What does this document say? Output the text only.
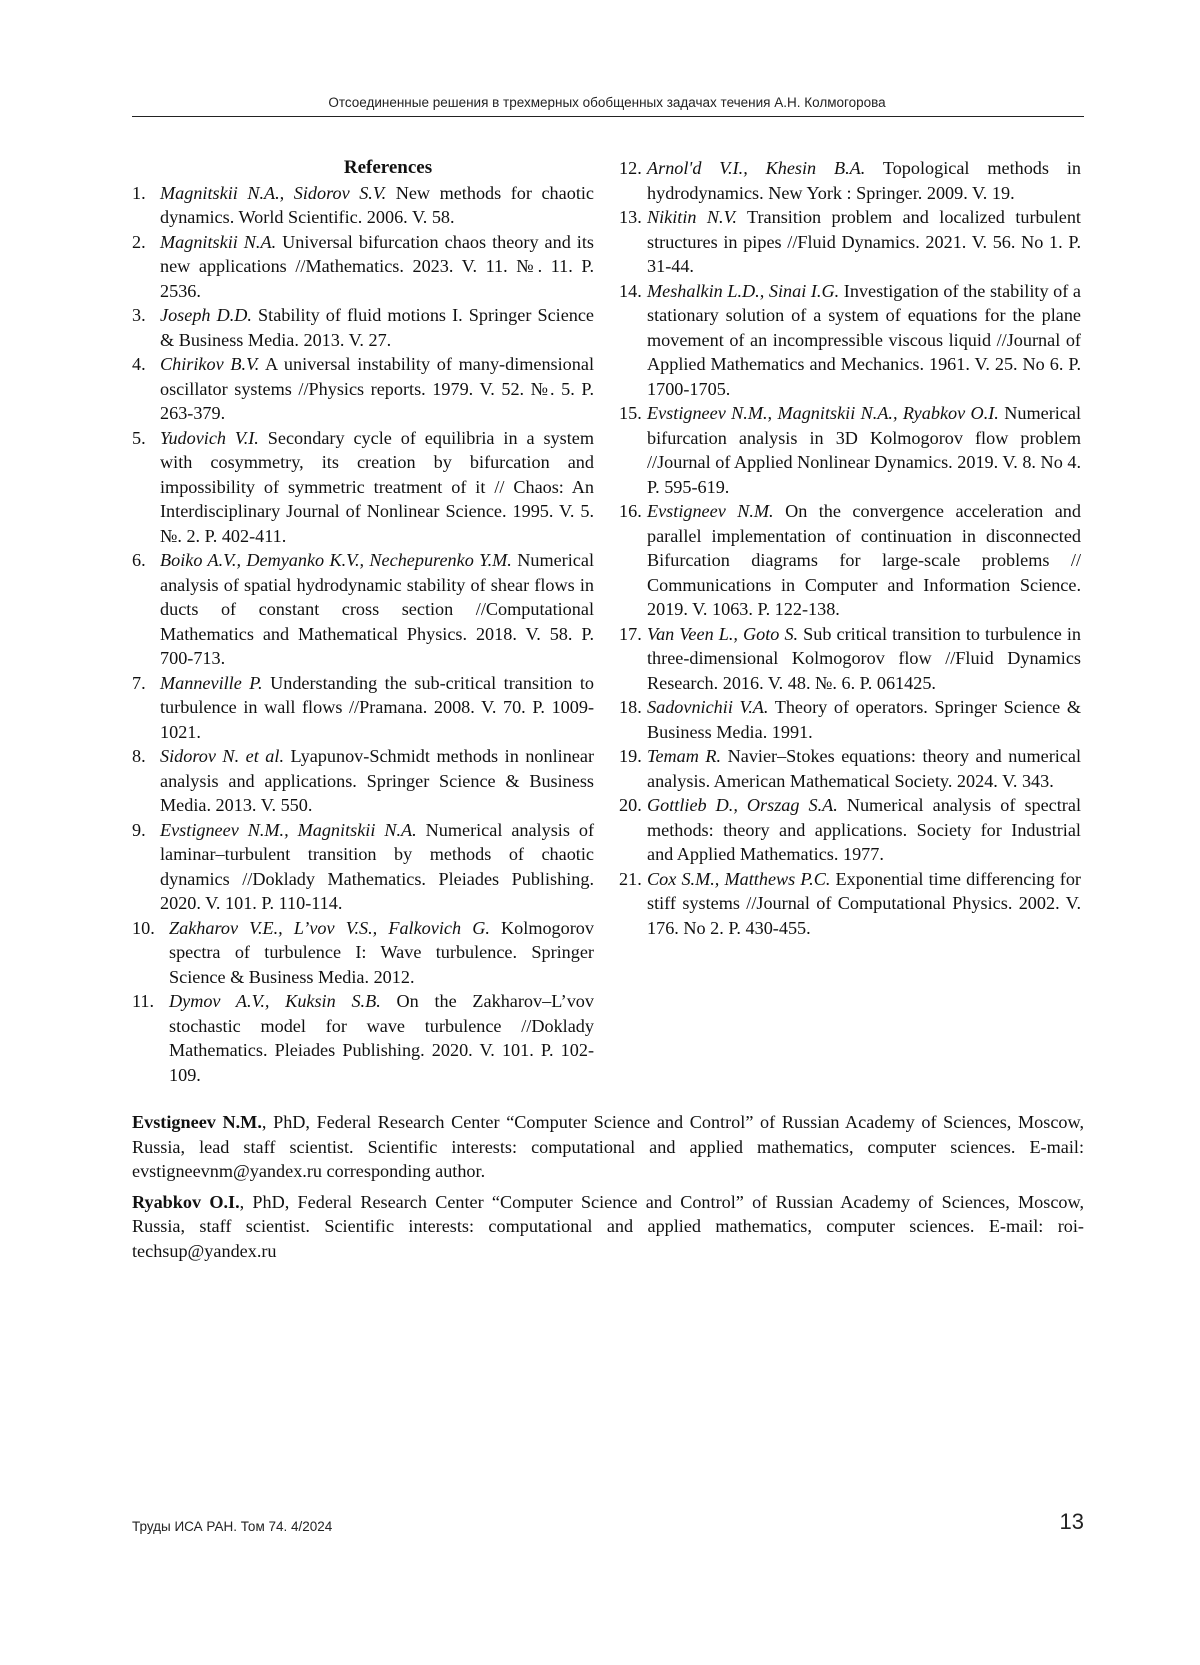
Отсоединенные решения в трехмерных обобщенных задачах течения А.Н. Колмогорова
References
1. Magnitskii N.A., Sidorov S.V. New methods for chaotic dynamics. World Scientific. 2006. V. 58.
2. Magnitskii N.A. Universal bifurcation chaos theory and its new applications //Mathematics. 2023. V. 11. №. 11. P. 2536.
3. Joseph D.D. Stability of fluid motions I. Springer Science & Business Media. 2013. V. 27.
4. Chirikov B.V. A universal instability of many-dimensional oscillator systems //Physics reports. 1979. V. 52. №. 5. P. 263-379.
5. Yudovich V.I. Secondary cycle of equilibria in a system with cosymmetry, its creation by bifurcation and impossibility of symmetric treatment of it // Chaos: An Interdisciplinary Journal of Nonlinear Science. 1995. V. 5. №. 2. P. 402-411.
6. Boiko A.V., Demyanko K.V., Nechepurenko Y.M. Numerical analysis of spatial hydrodynamic stability of shear flows in ducts of constant cross section //Computational Mathematics and Mathematical Physics. 2018. V. 58. P. 700-713.
7. Manneville P. Understanding the sub-critical transition to turbulence in wall flows //Pramana. 2008. V. 70. P. 1009-1021.
8. Sidorov N. et al. Lyapunov-Schmidt methods in nonlinear analysis and applications. Springer Science & Business Media. 2013. V. 550.
9. Evstigneev N.M., Magnitskii N.A. Numerical analysis of laminar–turbulent transition by methods of chaotic dynamics //Doklady Mathematics. Pleiades Publishing. 2020. V. 101. P. 110-114.
10. Zakharov V.E., L’vov V.S., Falkovich G. Kolmogorov spectra of turbulence I: Wave turbulence. Springer Science & Business Media. 2012.
11. Dymov A.V., Kuksin S.B. On the Zakharov–L’vov stochastic model for wave turbulence //Doklady Mathematics. Pleiades Publishing. 2020. V. 101. P. 102-109.
12. Arnol'd V.I., Khesin B.A. Topological methods in hydrodynamics. New York : Springer. 2009. V. 19.
13. Nikitin N.V. Transition problem and localized turbulent structures in pipes //Fluid Dynamics. 2021. V. 56. No 1. P. 31-44.
14. Meshalkin L.D., Sinai I.G. Investigation of the stability of a stationary solution of a system of equations for the plane movement of an incompressible viscous liquid //Journal of Applied Mathematics and Mechanics. 1961. V. 25. No 6. P. 1700-1705.
15. Evstigneev N.M., Magnitskii N.A., Ryabkov O.I. Numerical bifurcation analysis in 3D Kolmogorov flow problem //Journal of Applied Nonlinear Dynamics. 2019. V. 8. No 4. P. 595-619.
16. Evstigneev N.M. On the convergence acceleration and parallel implementation of continuation in disconnected Bifurcation diagrams for large-scale problems // Communications in Computer and Information Science. 2019. V. 1063. P. 122-138.
17. Van Veen L., Goto S. Sub critical transition to turbulence in three-dimensional Kolmogorov flow //Fluid Dynamics Research. 2016. V. 48. №. 6. P. 061425.
18. Sadovnichii V.A. Theory of operators. Springer Science & Business Media. 1991.
19. Temam R. Navier–Stokes equations: theory and numerical analysis. American Mathematical Society. 2024. V. 343.
20. Gottlieb D., Orszag S.A. Numerical analysis of spectral methods: theory and applications. Society for Industrial and Applied Mathematics. 1977.
21. Cox S.M., Matthews P.C. Exponential time differencing for stiff systems //Journal of Computational Physics. 2002. V. 176. No 2. P. 430-455.

Evstigneev N.M., PhD, Federal Research Center “Computer Science and Control” of Russian Academy of Sciences, Moscow, Russia, lead staff scientist. Scientific interests: computational and applied mathematics, computer sciences. E-mail: evstigneevnm@yandex.ru corresponding author.

Ryabkov O.I., PhD, Federal Research Center “Computer Science and Control” of Russian Academy of Sciences, Moscow, Russia, staff scientist. Scientific interests: computational and applied mathematics, computer sciences. E-mail: roi-techsup@yandex.ru

Труды ИСА РАН. Том 74. 4/2024	13
